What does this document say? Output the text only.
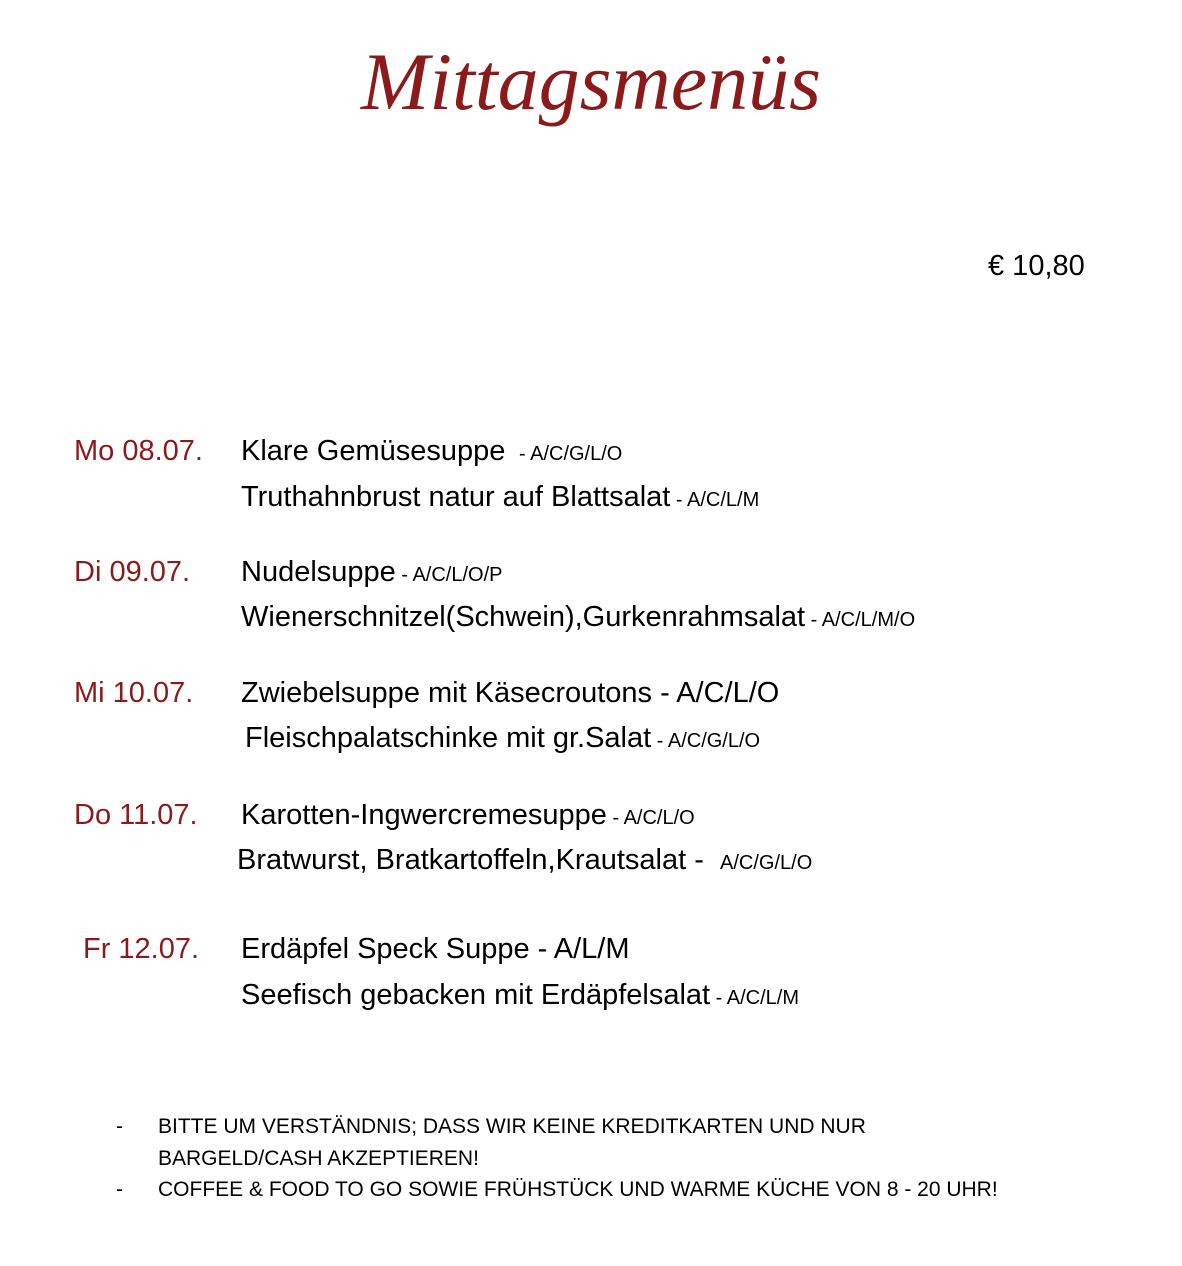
Mittagsmenüs
€ 10,80
Mo 08.07. Klare Gemüsesuppe  - A/C/G/L/O
Truthahnbrust natur auf Blattsalat - A/C/L/M
Di 09.07. Nudelsuppe - A/C/L/O/P
Wienerschnitzel(Schwein),Gurkenrahmsalat - A/C/L/M/O
Mi 10.07. Zwiebelsuppe mit Käsecroutons - A/C/L/O
Fleischpalatschinke mit gr.Salat - A/C/G/L/O
Do 11.07. Karotten-Ingwercremesuppe - A/C/L/O
Bratwurst, Bratkartoffeln,Krautsalat -  A/C/G/L/O
Fr 12.07. Erdäpfel Speck Suppe - A/L/M
Seefisch gebacken mit Erdäpfelsalat - A/C/L/M
- BITTE UM VERSTÄNDNIS; DASS WIR KEINE KREDITKARTEN UND NUR
BARGELD/CASH AKZEPTIEREN!
- COFFEE & FOOD TO GO SOWIE FRÜHSTÜCK UND WARME KÜCHE VON 8 - 20 UHR!
